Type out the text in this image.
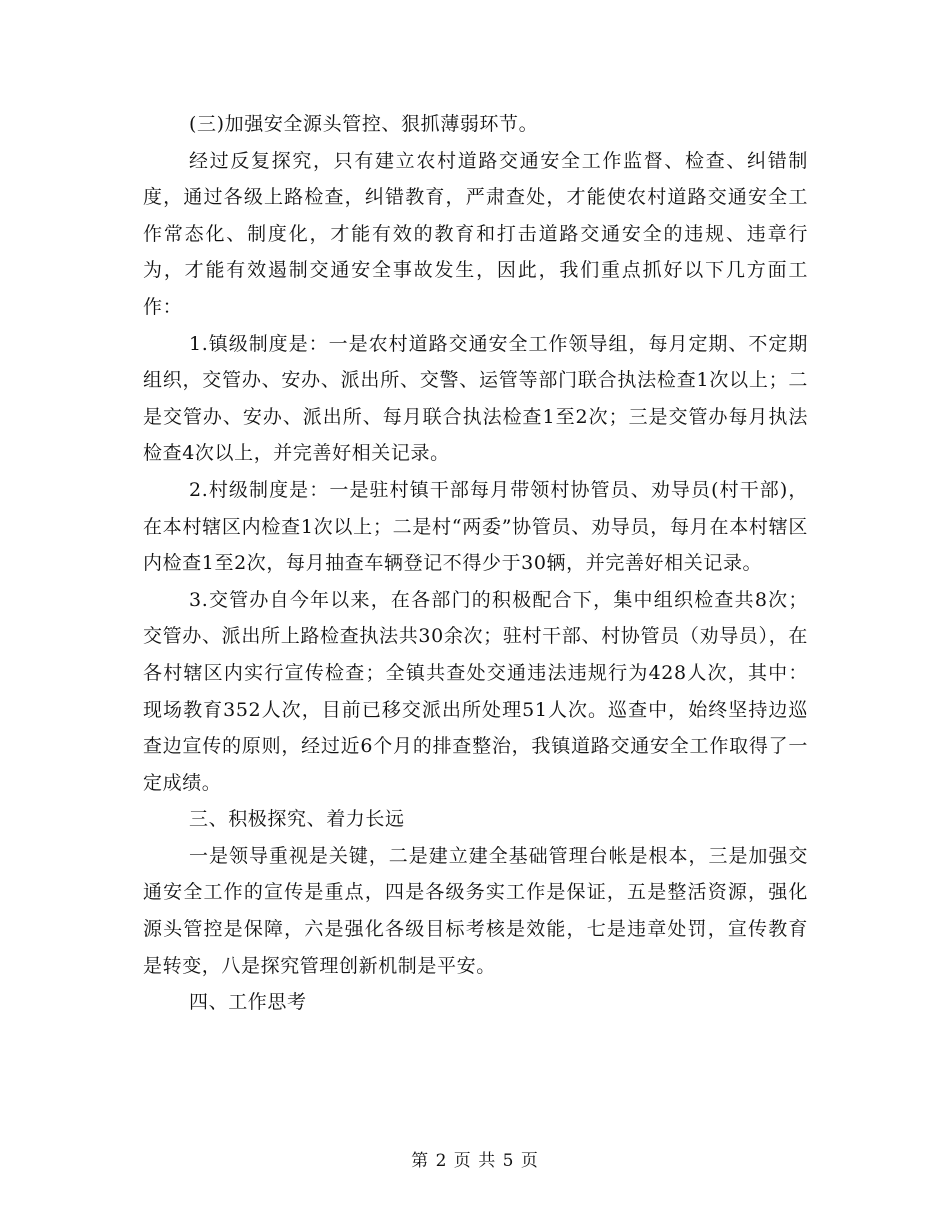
(三)加强安全源头管控、狠抓薄弱环节。

经过反复探究，只有建立农村道路交通安全工作监督、检查、纠错制度，通过各级上路检查，纠错教育，严肃查处，才能使农村道路交通安全工作常态化、制度化，才能有效的教育和打击道路交通安全的违规、违章行为，才能有效遏制交通安全事故发生，因此，我们重点抓好以下几方面工作：

1.镇级制度是：一是农村道路交通安全工作领导组，每月定期、不定期组织，交管办、安办、派出所、交警、运管等部门联合执法检查1次以上；二是交管办、安办、派出所、每月联合执法检查1至2次；三是交管办每月执法检查4次以上，并完善好相关记录。

2.村级制度是：一是驻村镇干部每月带领村协管员、劝导员(村干部)，在本村辖区内检查1次以上；二是村“两委”协管员、劝导员，每月在本村辖区内检查1至2次，每月抽查车辆登记不得少于30辆，并完善好相关记录。

3.交管办自今年以来，在各部门的积极配合下，集中组织检查共8次；交管办、派出所上路检查执法共30余次；驻村干部、村协管员（劝导员），在各村辖区内实行宣传检查；全镇共查处交通违法违规行为428人次，其中：现场教育352人次，目前已移交派出所处理51人次。巡查中，始终坚持边巡查边宣传的原则，经过近6个月的排查整治，我镇道路交通安全工作取得了一定成绩。

三、积极探究、着力长远

一是领导重视是关键，二是建立建全基础管理台帐是根本，三是加强交通安全工作的宣传是重点，四是各级务实工作是保证，五是整活资源，强化源头管控是保障，六是强化各级目标考核是效能，七是违章处罚，宣传教育是转变，八是探究管理创新机制是平安。

四、工作思考

第 2 页 共 5 页
